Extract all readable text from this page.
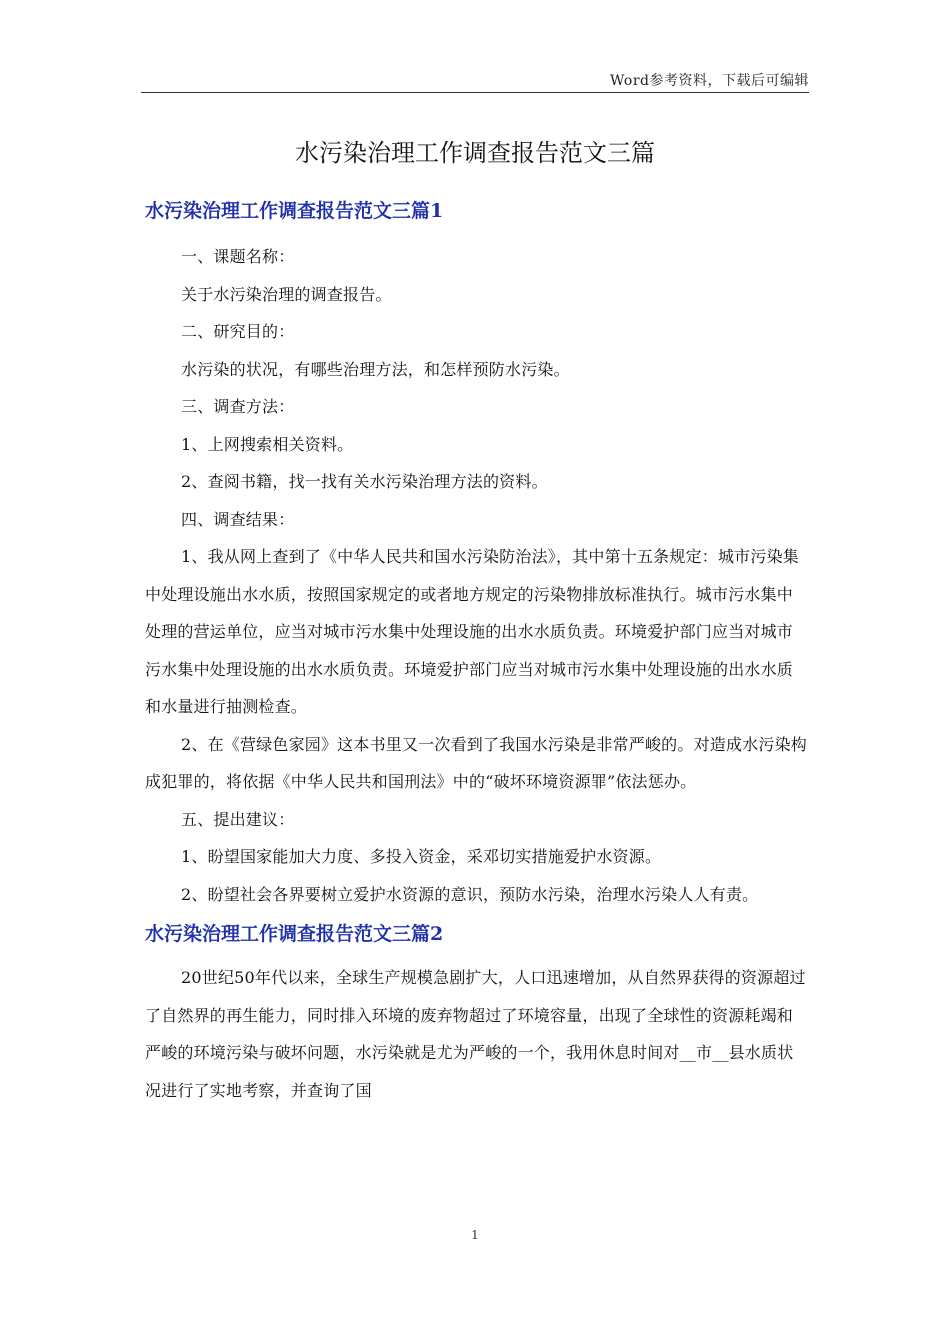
Word参考资料，下载后可编辑
水污染治理工作调查报告范文三篇
水污染治理工作调查报告范文三篇1

一、课题名称：

关于水污染治理的调查报告。

二、研究目的：

水污染的状况，有哪些治理方法，和怎样预防水污染。

三、调查方法：

1、上网搜索相关资料。

2、查阅书籍，找一找有关水污染治理方法的资料。

四、调查结果：

1、我从网上查到了《中华人民共和国水污染防治法》，其中第十五条规定：城市污染集中处理设施出水水质，按照国家规定的或者地方规定的污染物排放标准执行。城市污水集中处理的营运单位，应当对城市污水集中处理设施的出水水质负责。环境爱护部门应当对城市污水集中处理设施的出水水质负责。环境爱护部门应当对城市污水集中处理设施的出水水质和水量进行抽测检查。

2、在《营绿色家园》这本书里又一次看到了我国水污染是非常严峻的。对造成水污染构成犯罪的，将依据《中华人民共和国刑法》中的“破坏环境资源罪”依法惩办。

五、提出建议：

1、盼望国家能加大力度、多投入资金，采邓切实措施爱护水资源。

2、盼望社会各界要树立爱护水资源的意识，预防水污染，治理水污染人人有责。

水污染治理工作调查报告范文三篇2

20世纪50年代以来，全球生产规模急剧扩大，人口迅速增加，从自然界获得的资源超过了自然界的再生能力，同时排入环境的废弃物超过了环境容量，出现了全球性的资源耗竭和严峻的环境污染与破坏问题，水污染就是尤为严峻的一个，我用休息时间对__市__县水质状况进行了实地考察，并查询了国

1
